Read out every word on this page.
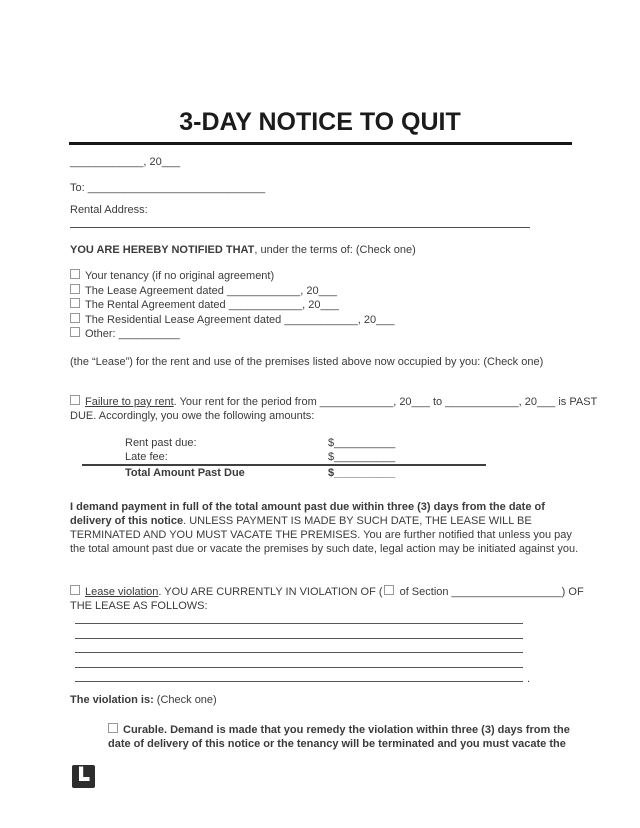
3-DAY NOTICE TO QUIT
____________, 20___
To: _____________________________
Rental Address:
YOU ARE HEREBY NOTIFIED THAT, under the terms of: (Check one)
Your tenancy (if no original agreement)
The Lease Agreement dated ____________, 20___
The Rental Agreement dated ____________, 20___
The Residential Lease Agreement dated ____________, 20___
Other: __________
(the “Lease”) for the rent and use of the premises listed above now occupied by you: (Check one)
Failure to pay rent. Your rent for the period from ____________, 20___ to ____________, 20___ is PAST
DUE. Accordingly, you owe the following amounts:
Rent past due:	$__________
Late fee:	$__________
Total Amount Past Due	$__________
I demand payment in full of the total amount past due within three (3) days from the date of
delivery of this notice. UNLESS PAYMENT IS MADE BY SUCH DATE, THE LEASE WILL BE
TERMINATED AND YOU MUST VACATE THE PREMISES. You are further notified that unless you pay
the total amount past due or vacate the premises by such date, legal action may be initiated against you.
Lease violation. YOU ARE CURRENTLY IN VIOLATION OF ( of Section __________________) OF
THE LEASE AS FOLLOWS:
.
The violation is: (Check one)
Curable. Demand is made that you remedy the violation within three (3) days from the
date of delivery of this notice or the tenancy will be terminated and you must vacate the
